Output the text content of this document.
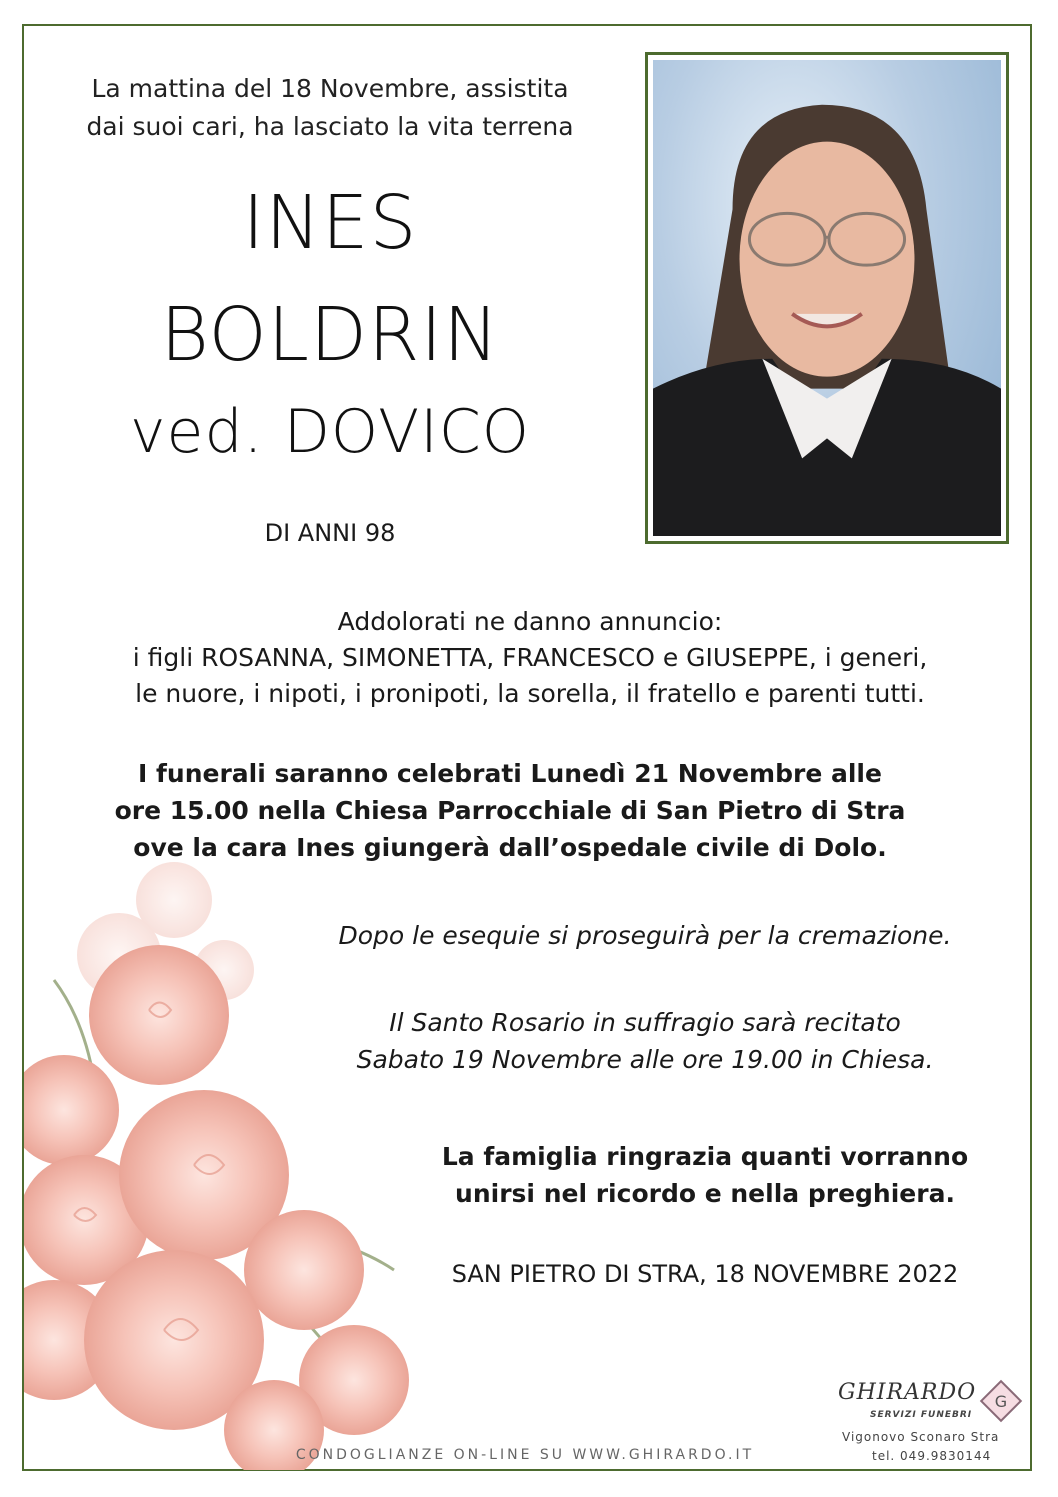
La mattina del 18 Novembre, assistita
dai suoi cari, ha lasciato la vita terrena

INES

BOLDRIN

ved. DOVICO

DI ANNI 98

Addolorati ne danno annuncio:
i figli ROSANNA, SIMONETTA, FRANCESCO e GIUSEPPE, i generi,
le nuore, i nipoti, i pronipoti, la sorella, il fratello e parenti tutti.

I funerali saranno celebrati Lunedì 21 Novembre alle
ore 15.00 nella Chiesa Parrocchiale di San Pietro di Stra
ove la cara Ines giungerà dall’ospedale civile di Dolo.

Dopo le esequie si proseguirà per la cremazione.

Il Santo Rosario in suffragio sarà recitato
Sabato 19 Novembre alle ore 19.00 in Chiesa.

La famiglia ringrazia quanti vorranno
unirsi nel ricordo e nella preghiera.

SAN PIETRO DI STRA, 18 NOVEMBRE 2022

CONDOGLIANZE ON-LINE SU WWW.GHIRARDO.IT

GHIRARDO
SERVIZI FUNEBRI
G
Vigonovo Sconaro Stra
tel. 049.9830144
